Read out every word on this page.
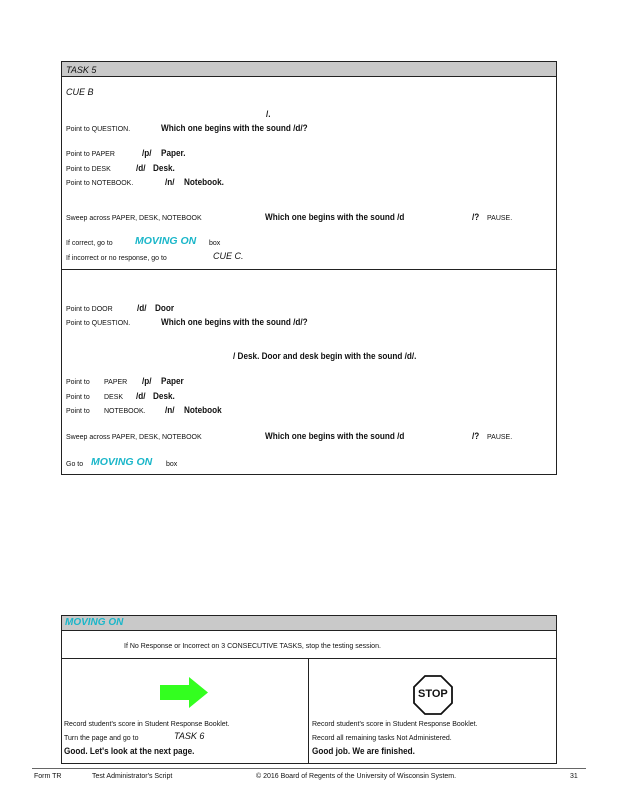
TASK 5
CUE B
/.
Point to QUESTION.	Which one begins with the sound /d/?
Point to PAPER	/p/ Paper.
Point to DESK	/d/ Desk.
Point to NOTEBOOK.	/n/ Notebook.
Sweep across PAPER, DESK, NOTEBOOK	Which one begins with the sound /d	/? PAUSE.
If correct, go to MOVING ON box
If incorrect or no response, go to	CUE C.
Point to DOOR	/d/ Door
Point to QUESTION.	Which one begins with the sound /d/?
/ Desk. Door and desk begin with the sound /d/.
Point to PAPER /p/ Paper
Point to DESK /d/ Desk.
Point to NOTEBOOK. /n/ Notebook
Sweep across PAPER, DESK, NOTEBOOK	Which one begins with the sound /d	/? PAUSE.
Go to MOVING ON box
MOVING ON
If No Response or Incorrect on 3 CONSECUTIVE TASKS, stop the testing session.
Record student's score in Student Response Booklet.
Turn the page and go to	TASK 6
Good. Let's look at the next page.
STOP
Record student's score in Student Response Booklet.
Record all remaining tasks Not Administered.
Good job. We are finished.
Form TR	Test Administrator's Script	© 2016 Board of Regents of the University of Wisconsin System.	31
